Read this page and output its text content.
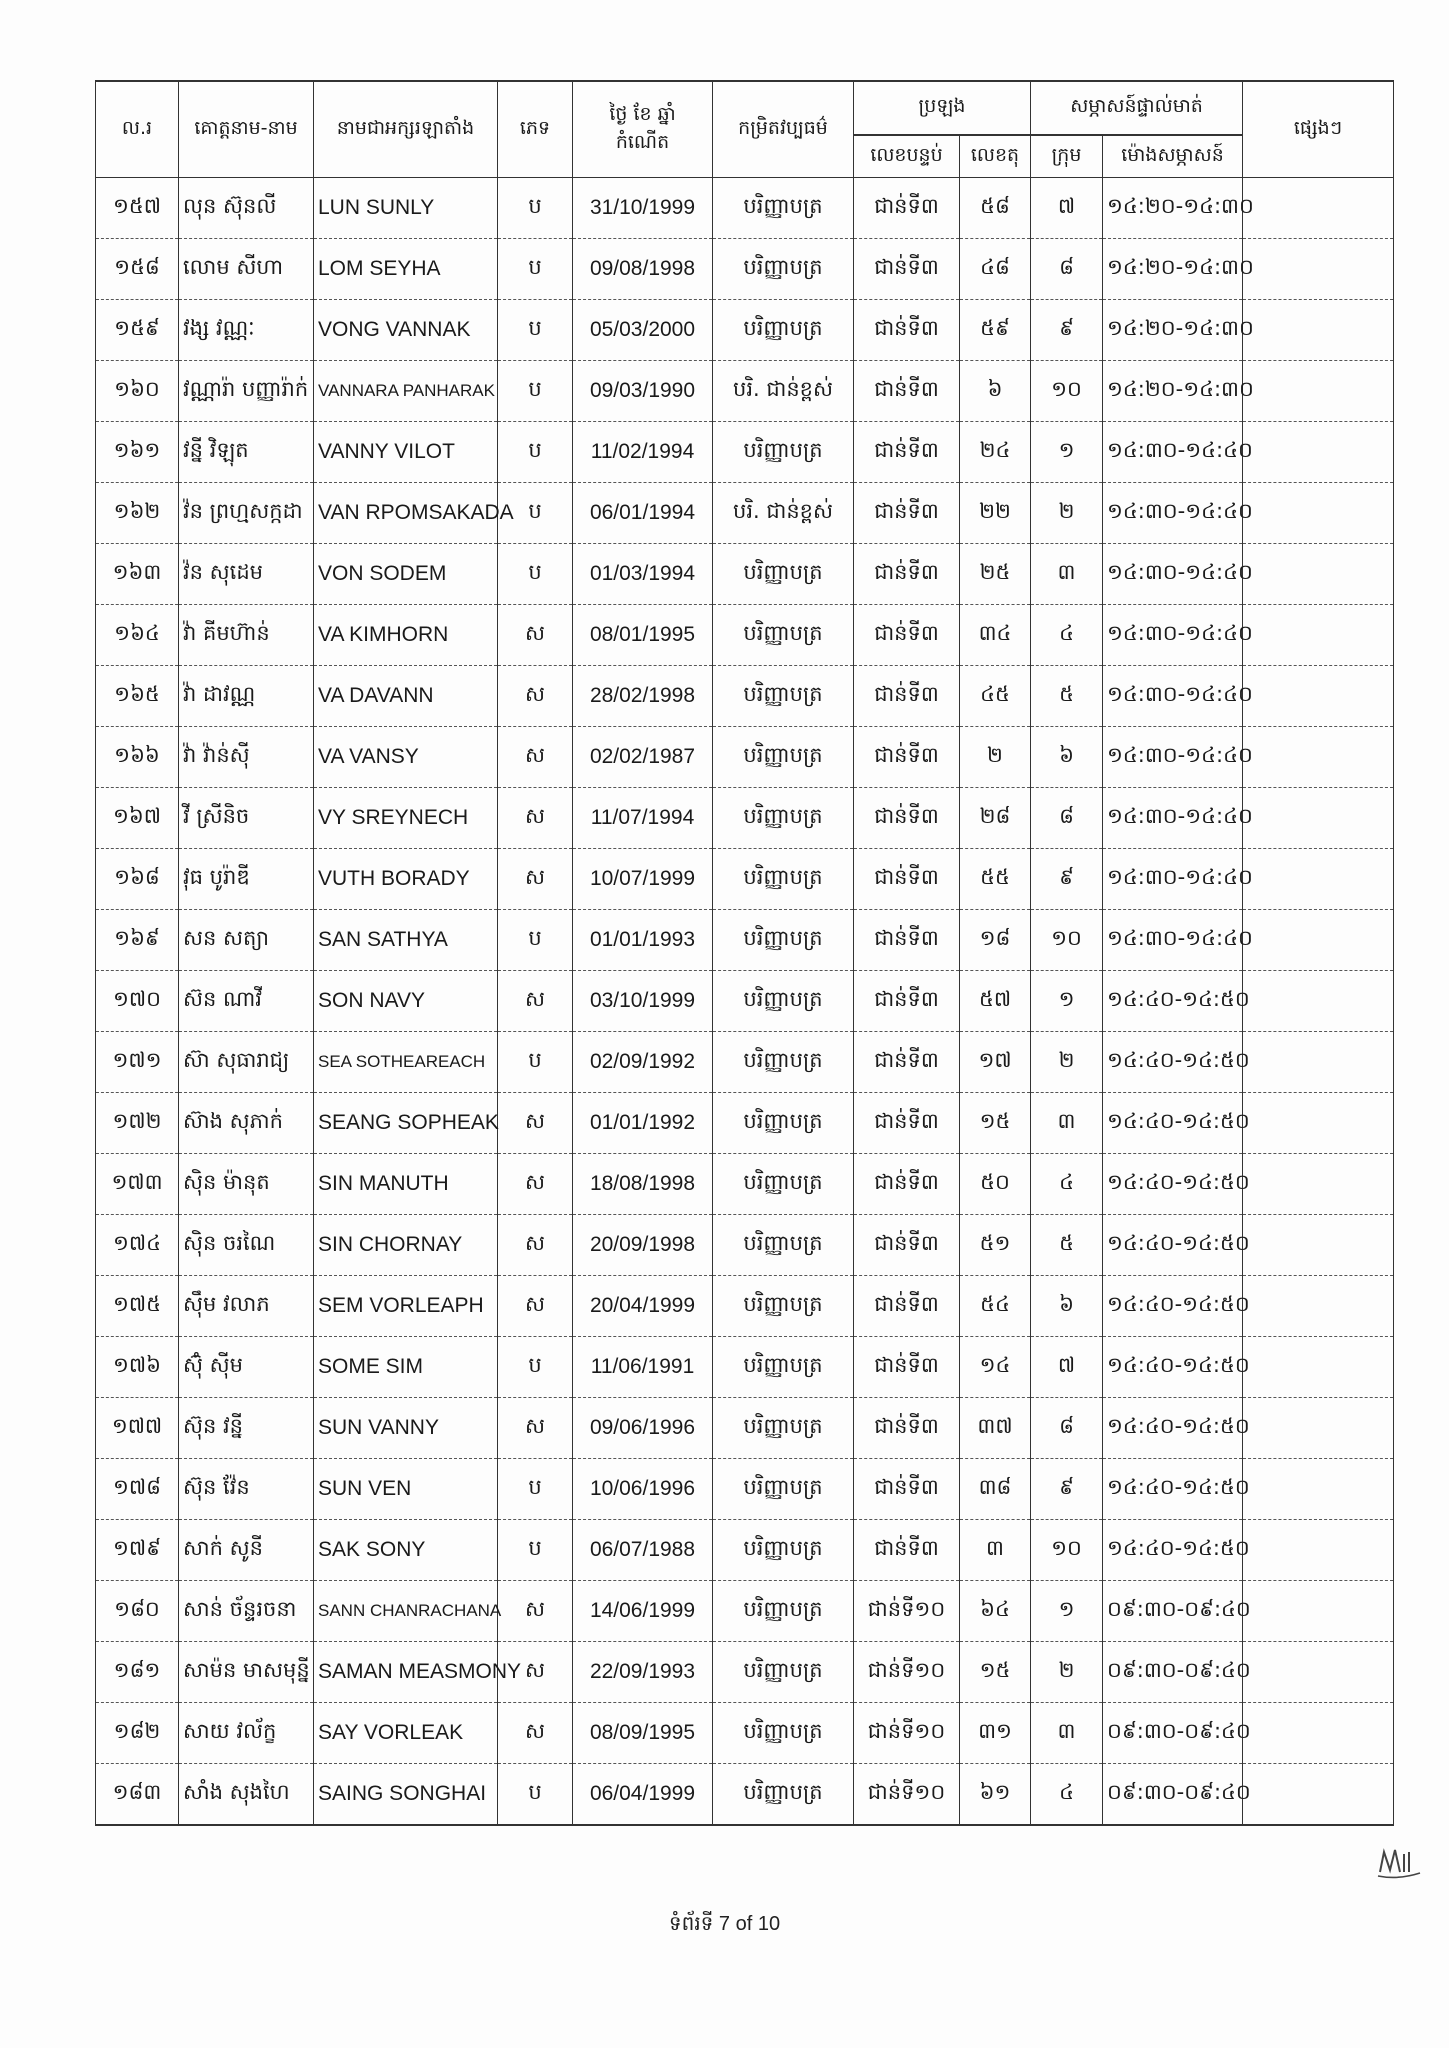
ល.រ	គោត្តនាម-នាម	នាមជាអក្សរឡាតាំង	ភេទ	ថ្ងៃ ខែ ឆ្នាំ
កំណើត	កម្រិតវប្បធម៌	ប្រឡង		សម្ភាសន៍ផ្ទាល់មាត់		ផ្សេងៗ
						លេខបន្ទប់	លេខតុ	ក្រុម	ម៉ោងសម្ភាសន៍	
១៥៧	លុន ស៊ុនលី	LUN SUNLY	ប	31/10/1999	បរិញ្ញាបត្រ	ជាន់ទី៣	៥៨	៧	១៤:២០-១៤:៣០	
១៥៨	លោម សីហា	LOM SEYHA	ប	09/08/1998	បរិញ្ញាបត្រ	ជាន់ទី៣	៤៨	៨	១៤:២០-១៤:៣០	
១៥៩	វង្ស វណ្ណៈ	VONG VANNAK	ប	05/03/2000	បរិញ្ញាបត្រ	ជាន់ទី៣	៥៩	៩	១៤:២០-១៤:៣០	
១៦០	វណ្ណារ៉ា បញ្ញារ៉ាក់	VANNARA PANHARAK	ប	09/03/1990	បរិ. ជាន់ខ្ពស់	ជាន់ទី៣	៦	១០	១៤:២០-១៤:៣០	
១៦១	វន្នី វិឡុត	VANNY VILOT	ប	11/02/1994	បរិញ្ញាបត្រ	ជាន់ទី៣	២៤	១	១៤:៣០-១៤:៤០	
១៦២	វ៉ន ព្រហ្មសក្កដា	VAN RPOMSAKADA	ប	06/01/1994	បរិ. ជាន់ខ្ពស់	ជាន់ទី៣	២២	២	១៤:៣០-១៤:៤០	
១៦៣	វ៉ន សុដេម	VON SODEM	ប	01/03/1994	បរិញ្ញាបត្រ	ជាន់ទី៣	២៥	៣	១៤:៣០-១៤:៤០	
១៦៤	វ៉ា គីមហ៊ាន់	VA KIMHORN	ស	08/01/1995	បរិញ្ញាបត្រ	ជាន់ទី៣	៣៤	៤	១៤:៣០-១៤:៤០	
១៦៥	វ៉ា ដាវណ្ណ	VA DAVANN	ស	28/02/1998	បរិញ្ញាបត្រ	ជាន់ទី៣	៤៥	៥	១៤:៣០-១៤:៤០	
១៦៦	វ៉ា វ៉ាន់ស៊ី	VA VANSY	ស	02/02/1987	បរិញ្ញាបត្រ	ជាន់ទី៣	២	៦	១៤:៣០-១៤:៤០	
១៦៧	វី ស្រីនិច	VY SREYNECH	ស	11/07/1994	បរិញ្ញាបត្រ	ជាន់ទី៣	២៨	៨	១៤:៣០-១៤:៤០	
១៦៨	វុធ បូរ៉ាឌី	VUTH BORADY	ស	10/07/1999	បរិញ្ញាបត្រ	ជាន់ទី៣	៥៥	៩	១៤:៣០-១៤:៤០	
១៦៩	សន សត្យា	SAN SATHYA	ប	01/01/1993	បរិញ្ញាបត្រ	ជាន់ទី៣	១៨	១០	១៤:៣០-១៤:៤០	
១៧០	ស៊ន ណាវី	SON NAVY	ស	03/10/1999	បរិញ្ញាបត្រ	ជាន់ទី៣	៥៧	១	១៤:៤០-១៤:៥០	
១៧១	ស៊ា សុធារាជ្យ	SEA SOTHEAREACH	ប	02/09/1992	បរិញ្ញាបត្រ	ជាន់ទី៣	១៧	២	១៤:៤០-១៤:៥០	
១៧២	ស៊ាង សុភាក់	SEANG SOPHEAK	ស	01/01/1992	បរិញ្ញាបត្រ	ជាន់ទី៣	១៥	៣	១៤:៤០-១៤:៥០	
១៧៣	ស៊ិន ម៉ានុត	SIN MANUTH	ស	18/08/1998	បរិញ្ញាបត្រ	ជាន់ទី៣	៥០	៤	១៤:៤០-១៤:៥០	
១៧៤	ស៊ិន ចរណៃ	SIN CHORNAY	ស	20/09/1998	បរិញ្ញាបត្រ	ជាន់ទី៣	៥១	៥	១៤:៤០-១៤:៥០	
១៧៥	ស៊ឹម វលាភ	SEM VORLEAPH	ស	20/04/1999	បរិញ្ញាបត្រ	ជាន់ទី៣	៥៤	៦	១៤:៤០-១៤:៥០	
១៧៦	ស៊ុំ ស៊ីម	SOME SIM	ប	11/06/1991	បរិញ្ញាបត្រ	ជាន់ទី៣	១៤	៧	១៤:៤០-១៤:៥០	
១៧៧	ស៊ុន វន្នី	SUN VANNY	ស	09/06/1996	បរិញ្ញាបត្រ	ជាន់ទី៣	៣៧	៨	១៤:៤០-១៤:៥០	
១៧៨	ស៊ុន វ៉ែន	SUN VEN	ប	10/06/1996	បរិញ្ញាបត្រ	ជាន់ទី៣	៣៨	៩	១៤:៤០-១៤:៥០	
១៧៩	សាក់ សូនី	SAK SONY	ប	06/07/1988	បរិញ្ញាបត្រ	ជាន់ទី៣	៣	១០	១៤:៤០-១៤:៥០	
១៨០	សាន់ ច័ន្ទរចនា	SANN CHANRACHANA	ស	14/06/1999	បរិញ្ញាបត្រ	ជាន់ទី១០	៦៤	១	០៩:៣០-០៩:៤០	
១៨១	សាម៉ន មាសមុន្នី	SAMAN MEASMONY	ស	22/09/1993	បរិញ្ញាបត្រ	ជាន់ទី១០	១៥	២	០៩:៣០-០៩:៤០	
១៨២	សាយ វល័ក្ខ	SAY VORLEAK	ស	08/09/1995	បរិញ្ញាបត្រ	ជាន់ទី១០	៣១	៣	០៩:៣០-០៩:៤០	
១៨៣	សាំង សុងហៃ	SAING SONGHAI	ប	06/04/1999	បរិញ្ញាបត្រ	ជាន់ទី១០	៦១	៤	០៩:៣០-០៩:៤០	
ទំព័រទី 7 of 10
